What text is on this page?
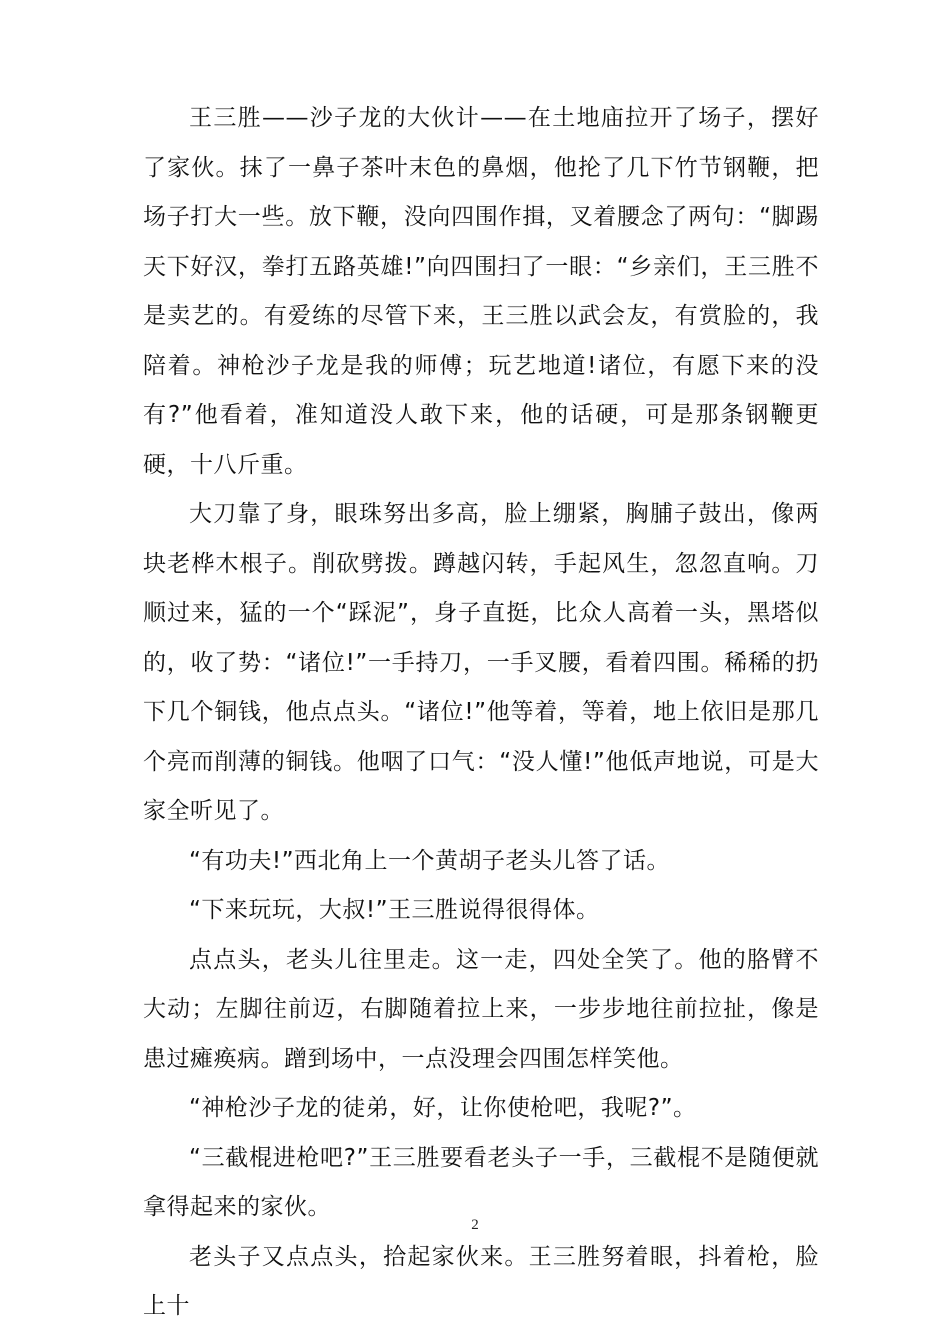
王三胜——沙子龙的大伙计——在土地庙拉开了场子，摆好了家伙。抹了一鼻子茶叶末色的鼻烟，他抡了几下竹节钢鞭，把场子打大一些。放下鞭，没向四围作揖，叉着腰念了两句：“脚踢天下好汉，拳打五路英雄!”向四围扫了一眼：“乡亲们，王三胜不是卖艺的。有爱练的尽管下来，王三胜以武会友，有赏脸的，我陪着。神枪沙子龙是我的师傅；玩艺地道!诸位，有愿下来的没有?”他看着，准知道没人敢下来，他的话硬，可是那条钢鞭更硬，十八斤重。

大刀靠了身，眼珠努出多高，脸上绷紧，胸脯子鼓出，像两块老桦木根子。削砍劈拨。蹲越闪转，手起风生，忽忽直响。刀顺过来，猛的一个“踩泥”，身子直挺，比众人高着一头，黑塔似的，收了势：“诸位!”一手持刀，一手叉腰，看着四围。稀稀的扔下几个铜钱，他点点头。“诸位!”他等着，等着，地上依旧是那几个亮而削薄的铜钱。他咽了口气：“没人懂!”他低声地说，可是大家全听见了。

“有功夫!”西北角上一个黄胡子老头儿答了话。

“下来玩玩，大叔!”王三胜说得很得体。

点点头，老头儿往里走。这一走，四处全笑了。他的胳臂不大动；左脚往前迈，右脚随着拉上来，一步步地往前拉扯，像是患过瘫痪病。蹭到场中，一点没理会四围怎样笑他。

“神枪沙子龙的徒弟，好，让你使枪吧，我呢?”。

“三截棍进枪吧?”王三胜要看老头子一手，三截棍不是随便就拿得起来的家伙。

老头子又点点头，拾起家伙来。王三胜努着眼，抖着枪，脸上十

2
